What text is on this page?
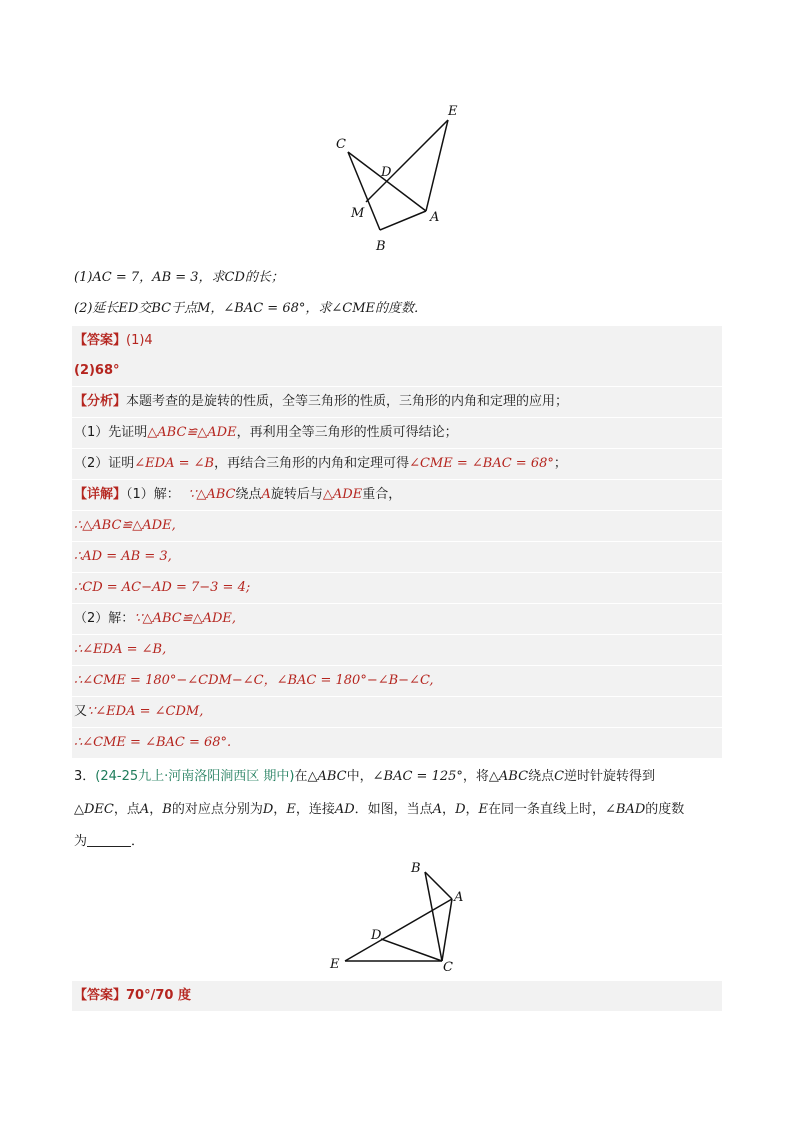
E
C
D
M	A
B
(1)AC = 7，AB = 3，求CD的长；
(2)延长ED交BC于点M，∠BAC = 68°，求∠CME的度数．
【答案】(1)4
(2)68°
【分析】本题考查的是旋转的性质，全等三角形的性质，三角形的内角和定理的应用；
（1）先证明△ABC≌△ADE，再利用全等三角形的性质可得结论；
（2）证明∠EDA = ∠B，再结合三角形的内角和定理可得∠CME = ∠BAC = 68°；
【详解】（1）解： ∵△ABC绕点A旋转后与△ADE重合，
∴△ABC≌△ADE,
∴AD = AB = 3,
∴CD = AC−AD = 7−3 = 4;
（2）解：∵△ABC≌△ADE,
∴∠EDA = ∠B,
∴∠CME = 180°−∠CDM−∠C，∠BAC = 180°−∠B−∠C,
又∵∠EDA = ∠CDM,
∴∠CME = ∠BAC = 68°.
3．(24-25九上·河南洛阳涧西区 期中)在△ABC中，∠BAC = 125°，将△ABC绕点C逆时针旋转得到
△DEC，点A，B的对应点分别为D，E，连接AD．如图，当点A，D，E在同一条直线上时，∠BAD的度数
为	．
B
A
D
E	C
【答案】70°/70 度
